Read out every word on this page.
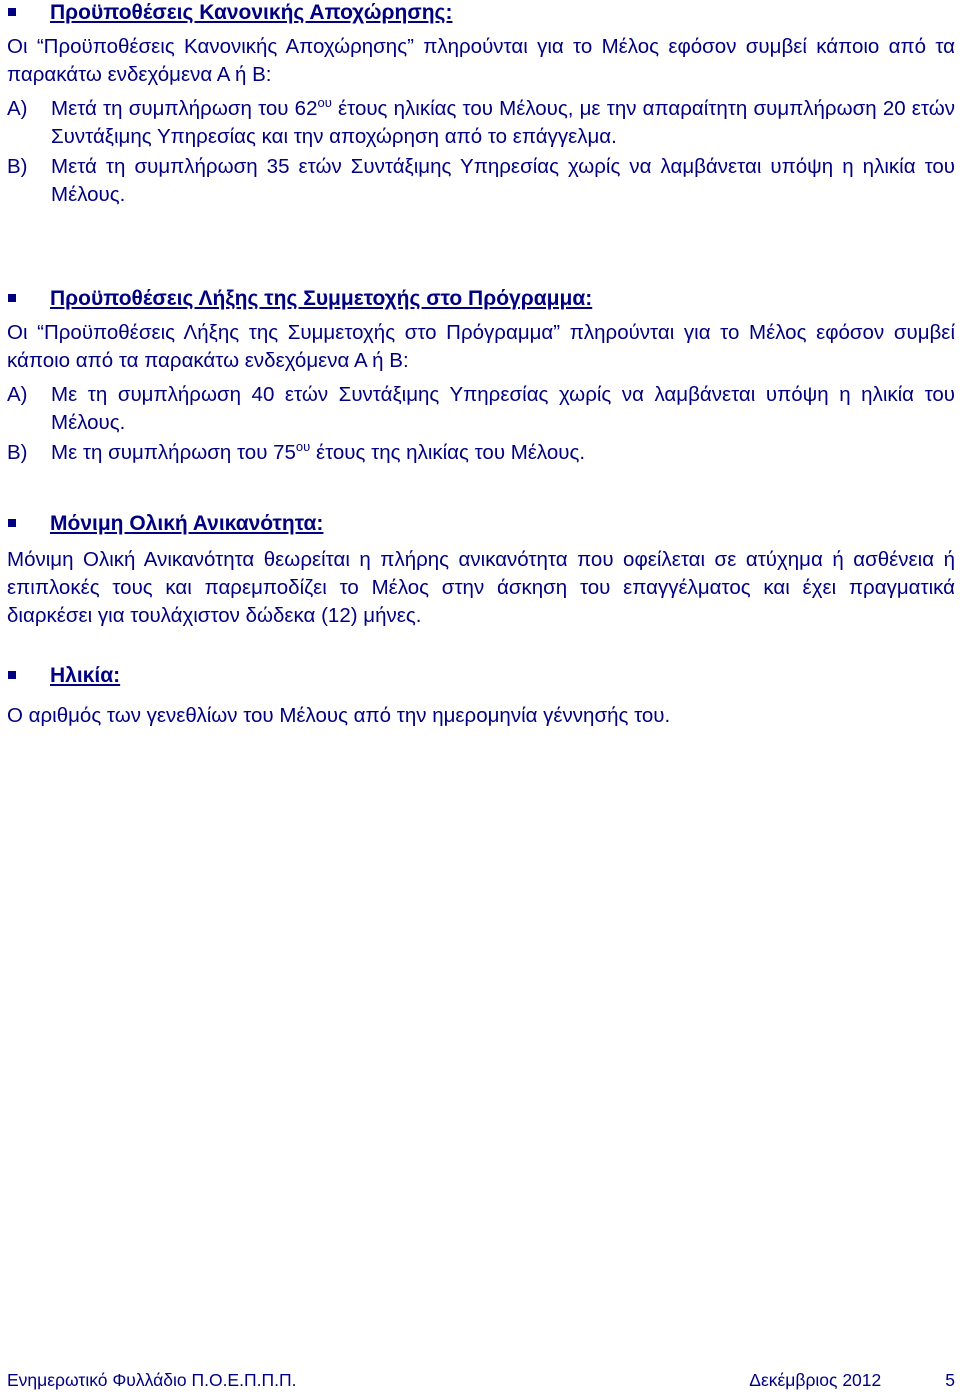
Προϋποθέσεις Κανονικής Αποχώρησης:

Οι “Προϋποθέσεις Κανονικής Αποχώρησης” πληρούνται για το Μέλος εφόσον συμβεί κάποιο από τα παρακάτω ενδεχόμενα Α ή Β:

Α) Μετά τη συμπλήρωση του $62^{o\upsilon}$ έτους ηλικίας του Μέλους, με την απαραίτητη συμπλήρωση 20 ετών Συντάξιμης Υπηρεσίας και την αποχώρηση από το επάγγελμα.
Β) Μετά τη συμπλήρωση 35 ετών Συντάξιμης Υπηρεσίας χωρίς να λαμβάνεται υπόψη η ηλικία του Μέλους.
Προϋποθέσεις Λήξης της Συμμετοχής στο Πρόγραμμα:

Οι “Προϋποθέσεις Λήξης της Συμμετοχής στο Πρόγραμμα” πληρούνται για το Μέλος εφόσον συμβεί κάποιο από τα παρακάτω ενδεχόμενα Α ή Β:

Α) Με τη συμπλήρωση 40 ετών Συντάξιμης Υπηρεσίας χωρίς να λαμβάνεται υπόψη η ηλικία του Μέλους.
Β) Με τη συμπλήρωση του $75^{o\upsilon}$ έτους της ηλικίας του Μέλους.
Μόνιμη Ολική Ανικανότητα:

Μόνιμη Ολική Ανικανότητα θεωρείται η πλήρης ανικανότητα που οφείλεται σε ατύχημα ή ασθένεια ή επιπλοκές τους και παρεμποδίζει το Μέλος στην άσκηση του επαγγέλματος και έχει πραγματικά διαρκέσει για τουλάχιστον δώδεκα (12) μήνες.

Ηλικία:

Ο αριθμός των γενεθλίων του Μέλους από την ημερομηνία γέννησής του.

Ενημερωτικό Φυλλάδιο Π.Ο.Ε.Π.Π.Π.	Δεκέμβριος 2012	5
